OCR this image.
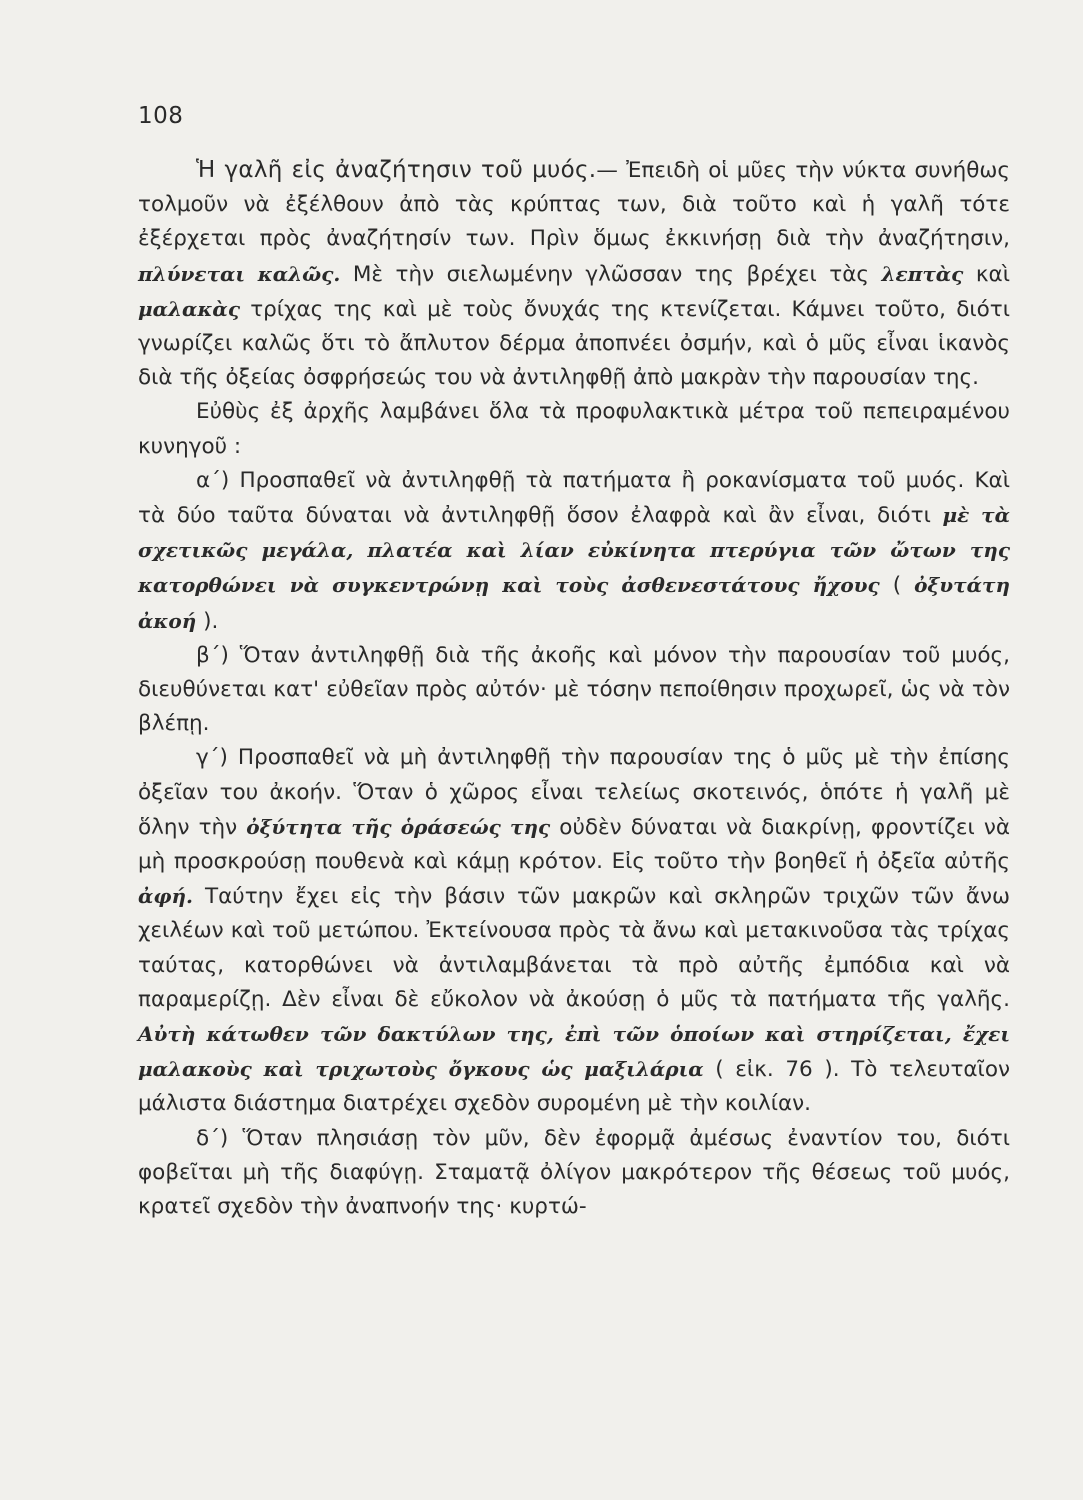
108

Ἡ γαλῆ εἰς ἀναζήτησιν τοῦ μυός.— Ἐπειδὴ οἱ μῦες τὴν νύκτα συνήθως τολμοῦν νὰ ἐξέλθουν ἀπὸ τὰς κρύπτας των, διὰ τοῦτο καὶ ἡ γαλῆ τότε ἐξέρχεται πρὸς ἀναζήτησίν των. Πρὶν ὅμως ἐκκινήσῃ διὰ τὴν ἀναζήτησιν, πλύνεται καλῶς. Μὲ τὴν σιελωμένην γλῶσσαν της βρέχει τὰς λεπτὰς καὶ μαλακὰς τρίχας της καὶ μὲ τοὺς ὄνυχάς της κτενίζεται. Κάμνει τοῦτο, διότι γνωρίζει καλῶς ὅτι τὸ ἄπλυτον δέρμα ἀποπνέει ὀσμήν, καὶ ὁ μῦς εἶναι ἱκανὸς διὰ τῆς ὀξείας ὀσφρήσεώς του νὰ ἀντιληφθῇ ἀπὸ μακρὰν τὴν παρουσίαν της.

Εὐθὺς ἐξ ἀρχῆς λαμβάνει ὅλα τὰ προφυλακτικὰ μέτρα τοῦ πεπειραμένου κυνηγοῦ :

α΄) Προσπαθεῖ νὰ ἀντιληφθῇ τὰ πατήματα ἢ ροκανίσματα τοῦ μυός. Καὶ τὰ δύο ταῦτα δύναται νὰ ἀντιληφθῇ ὅσον ἐλαφρὰ καὶ ἂν εἶναι, διότι μὲ τὰ σχετικῶς μεγάλα, πλατέα καὶ λίαν εὐκίνητα πτερύγια τῶν ὤτων της κατορθώνει νὰ συγκεντρώνῃ καὶ τοὺς ἀσθενεστάτους ἤχους ( ὀξυτάτη ἀκοή ).

β΄) Ὅταν ἀντιληφθῇ διὰ τῆς ἀκοῆς καὶ μόνον τὴν παρουσίαν τοῦ μυός, διευθύνεται κατ' εὐθεῖαν πρὸς αὐτόν· μὲ τόσην πεποίθησιν προχωρεῖ, ὡς νὰ τὸν βλέπῃ.

γ΄) Προσπαθεῖ νὰ μὴ ἀντιληφθῇ τὴν παρουσίαν της ὁ μῦς μὲ τὴν ἐπίσης ὀξεῖαν του ἀκοήν. Ὅταν ὁ χῶρος εἶναι τελείως σκοτεινός, ὁπότε ἡ γαλῆ μὲ ὅλην τὴν ὀξύτητα τῆς ὁράσεώς της οὐδὲν δύναται νὰ διακρίνῃ, φροντίζει νὰ μὴ προσκρούσῃ πουθενὰ καὶ κάμῃ κρότον. Εἰς τοῦτο τὴν βοηθεῖ ἡ ὀξεῖα αὐτῆς ἀφή. Ταύτην ἔχει εἰς τὴν βάσιν τῶν μακρῶν καὶ σκληρῶν τριχῶν τῶν ἄνω χειλέων καὶ τοῦ μετώπου. Ἐκτείνουσα πρὸς τὰ ἄνω καὶ μετακινοῦσα τὰς τρίχας ταύτας, κατορθώνει νὰ ἀντιλαμβάνεται τὰ πρὸ αὐτῆς ἐμπόδια καὶ νὰ παραμερίζῃ. Δὲν εἶναι δὲ εὔκολον νὰ ἀκούσῃ ὁ μῦς τὰ πατήματα τῆς γαλῆς. Αὐτὴ κάτωθεν τῶν δακτύλων της, ἐπὶ τῶν ὁποίων καὶ στηρίζεται, ἔχει μαλακοὺς καὶ τριχωτοὺς ὄγκους ὡς μαξιλάρια ( εἰκ. 76 ). Τὸ τελευταῖον μάλιστα διάστημα διατρέχει σχεδὸν συρομένη μὲ τὴν κοιλίαν.

δ΄) Ὅταν πλησιάσῃ τὸν μῦν, δὲν ἐφορμᾷ ἀμέσως ἐναντίον του, διότι φοβεῖται μὴ τῆς διαφύγῃ. Σταματᾷ ὀλίγον μακρότερον τῆς θέσεως τοῦ μυός, κρατεῖ σχεδὸν τὴν ἀναπνοήν της· κυρτώ-
